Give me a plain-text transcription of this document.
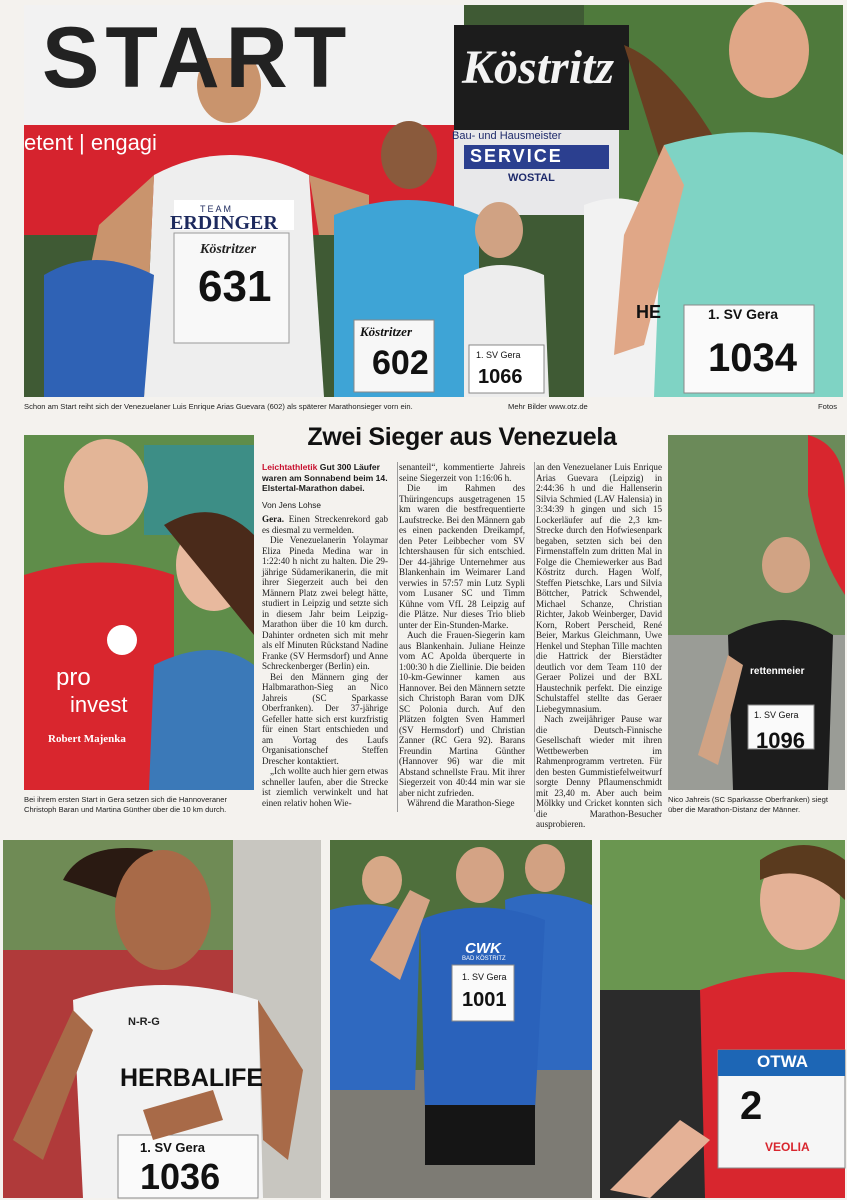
START
etent | engagi
Köstritz
Bau- und Hausmeister
SERVICE
WOSTAL
TEAM
ERDINGER
Köstritzer
631
Köstritzer
602	1. SV Gera
1066
HE	1. SV Gera
1034
Schon am Start reiht sich der Venezuelaner Luis Enrique Arias Guevara (602) als späterer Marathonsieger vorn ein.	Mehr Bilder www.otz.de	Fotos
pro
invest
Robert Majenka
Bei ihrem ersten Start in Gera setzen sich die Hannoveraner Christoph Baran und Martina Günther über die 10 km durch.
rettenmeier
1. SV Gera
1096
Nico Jahreis (SC Sparkasse Oberfranken) siegt über die Marathon-Distanz der Männer.
Zwei Sieger aus Venezuela
Leichtathletik Gut 300 Läufer waren am Sonnabend beim 14. Elstertal-Marathon dabei.
Von Jens Lohse

Gera. Einen Streckenrekord gab es diesmal zu vermelden.

Die Venezuelanerin Yolaymar Eliza Pineda Medina war in 1:22:40 h nicht zu halten. Die 29-jährige Südamerikanerin, die mit ihrer Siegerzeit auch bei den Männern Platz zwei belegt hätte, studiert in Leipzig und setzte sich in diesem Jahr beim Leipzig-Marathon über die 10 km durch. Dahinter ordneten sich mit mehr als elf Minuten Rückstand Nadine Franke (SV Hermsdorf) und Anne Schreckenberger (Berlin) ein.

Bei den Männern ging der Halbmarathon-Sieg an Nico Jahreis (SC Sparkasse Oberfranken). Der 37-jährige Gefeller hatte sich erst kurzfristig für einen Start entschieden und am Vortag des Laufs Organisationschef Steffen Drescher kontaktiert.

„Ich wollte auch hier gern etwas schneller laufen, aber die Strecke ist ziemlich verwinkelt und hat einen relativ hohen Wie-

senanteil“, kommentierte Jahreis seine Siegerzeit von 1:16:06 h.

Die im Rahmen des Thüringencups ausgetragenen 15 km waren die bestfrequentierte Laufstrecke. Bei den Männern gab es einen packenden Dreikampf, den Peter Leibbecher vom SV Ichtershausen für sich entschied. Der 44-jährige Unternehmer aus Blankenhain im Weimarer Land verwies in 57:57 min Lutz Sypli vom Lusaner SC und Timm Kühne vom VfL 28 Leipzig auf die Plätze. Nur dieses Trio blieb unter der Ein-Stunden-Marke.

Auch die Frauen-Siegerin kam aus Blankenhain. Juliane Heinze vom AC Apolda überquerte in 1:00:30 h die Ziellinie. Die beiden 10-km-Gewinner kamen aus Hannover. Bei den Männern setzte sich Christoph Baran vom DJK SC Polonia durch. Auf den Plätzen folgten Sven Hammerl (SV Hermsdorf) und Christian Zanner (RC Gera 92). Barans Freundin Martina Günther (Hannover 96) war die mit Abstand schnellste Frau. Mit ihrer Siegerzeit von 40:44 min war sie aber nicht zufrieden.

Während die Marathon-Siege

an den Venezuelaner Luis Enrique Arias Guevara (Leipzig) in 2:44:36 h und die Hallenserin Silvia Schmied (LAV Halensia) in 3:34:39 h gingen und sich 15 Lockerläufer auf die 2,3 km-Strecke durch den Hofwiesenpark begaben, setzten sich bei den Firmenstaffeln zum dritten Mal in Folge die Chemiewerker aus Bad Köstritz durch. Hagen Wolf, Steffen Pietschke, Lars und Silvia Böttcher, Patrick Schwendel, Michael Schanze, Christian Richter, Jakob Weinberger, David Korn, Robert Perscheid, René Beier, Markus Gleichmann, Uwe Henkel und Stephan Tille machten die Hattrick der Bierstädter deutlich vor dem Team 110 der Geraer Polizei und der BXL Haustechnik perfekt. Die einzige Schulstaffel stellte das Geraer Liebegymnasium.

Nach zweijähriger Pause war die Deutsch-Finnische Gesellschaft wieder mit ihren Wettbewerben im Rahmenprogramm vertreten. Für den besten Gummistiefelweitwurf sorgte Denny Pflaumenschmidt mit 23,40 m. Aber auch beim Mölkky und Cricket konnten sich die Marathon-Besucher ausprobieren.

N-R-G
HERBALIFE
1. SV Gera
1036
CWK
BAD KÖSTRITZ
1. SV Gera
1001
OTWA
2
VEOLIA
